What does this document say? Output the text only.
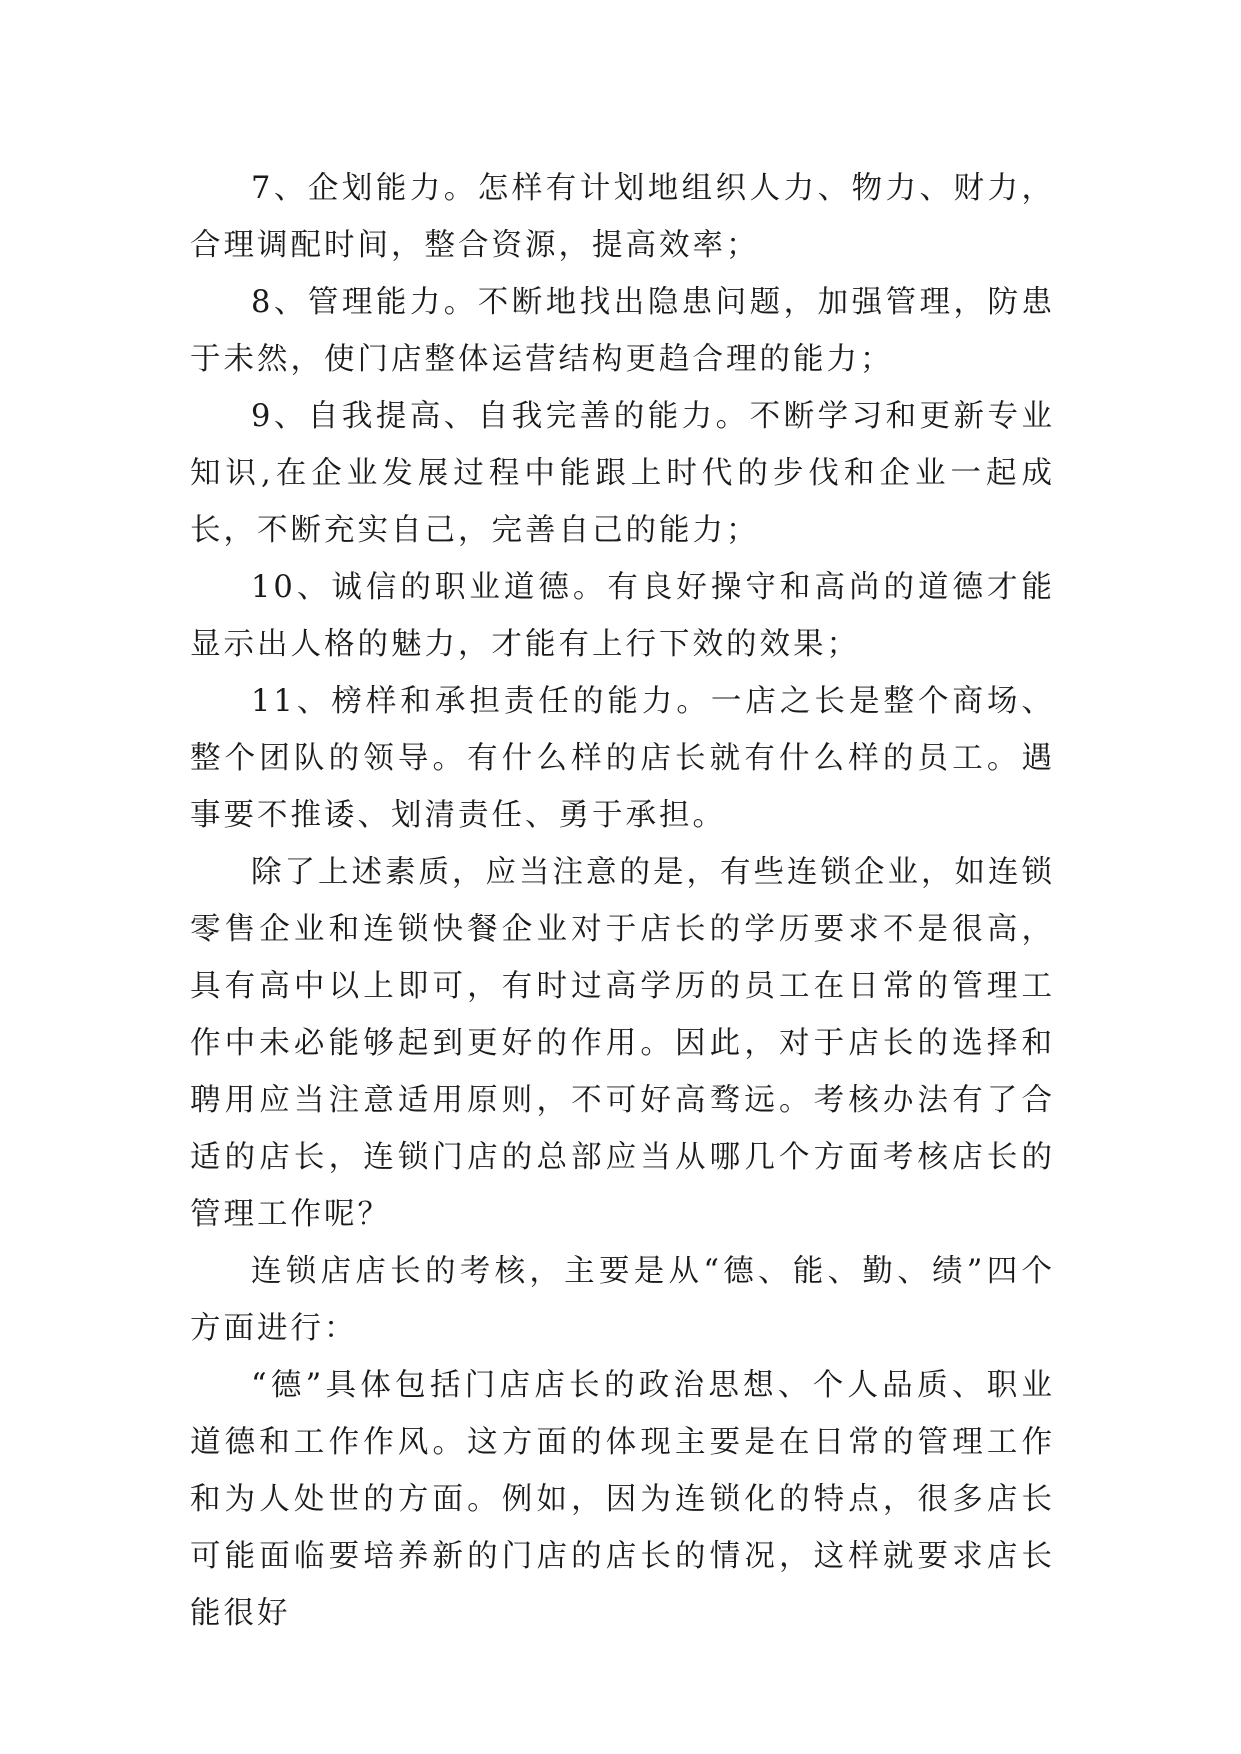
7、企划能力。怎样有计划地组织人力、物力、财力，合理调配时间，整合资源，提高效率；

8、管理能力。不断地找出隐患问题，加强管理，防患于未然，使门店整体运营结构更趋合理的能力；

9、自我提高、自我完善的能力。不断学习和更新专业知识,在企业发展过程中能跟上时代的步伐和企业一起成长，不断充实自己，完善自己的能力；

10、诚信的职业道德。有良好操守和高尚的道德才能显示出人格的魅力，才能有上行下效的效果；

11、榜样和承担责任的能力。一店之长是整个商场、整个团队的领导。有什么样的店长就有什么样的员工。遇事要不推诿、划清责任、勇于承担。

除了上述素质，应当注意的是，有些连锁企业，如连锁零售企业和连锁快餐企业对于店长的学历要求不是很高，具有高中以上即可，有时过高学历的员工在日常的管理工作中未必能够起到更好的作用。因此，对于店长的选择和聘用应当注意适用原则，不可好高骛远。考核办法有了合适的店长，连锁门店的总部应当从哪几个方面考核店长的管理工作呢？

连锁店店长的考核，主要是从“德、能、勤、绩”四个方面进行：

“德”具体包括门店店长的政治思想、个人品质、职业道德和工作作风。这方面的体现主要是在日常的管理工作和为人处世的方面。例如，因为连锁化的特点，很多店长可能面临要培养新的门店的店长的情况，这样就要求店长能很好
